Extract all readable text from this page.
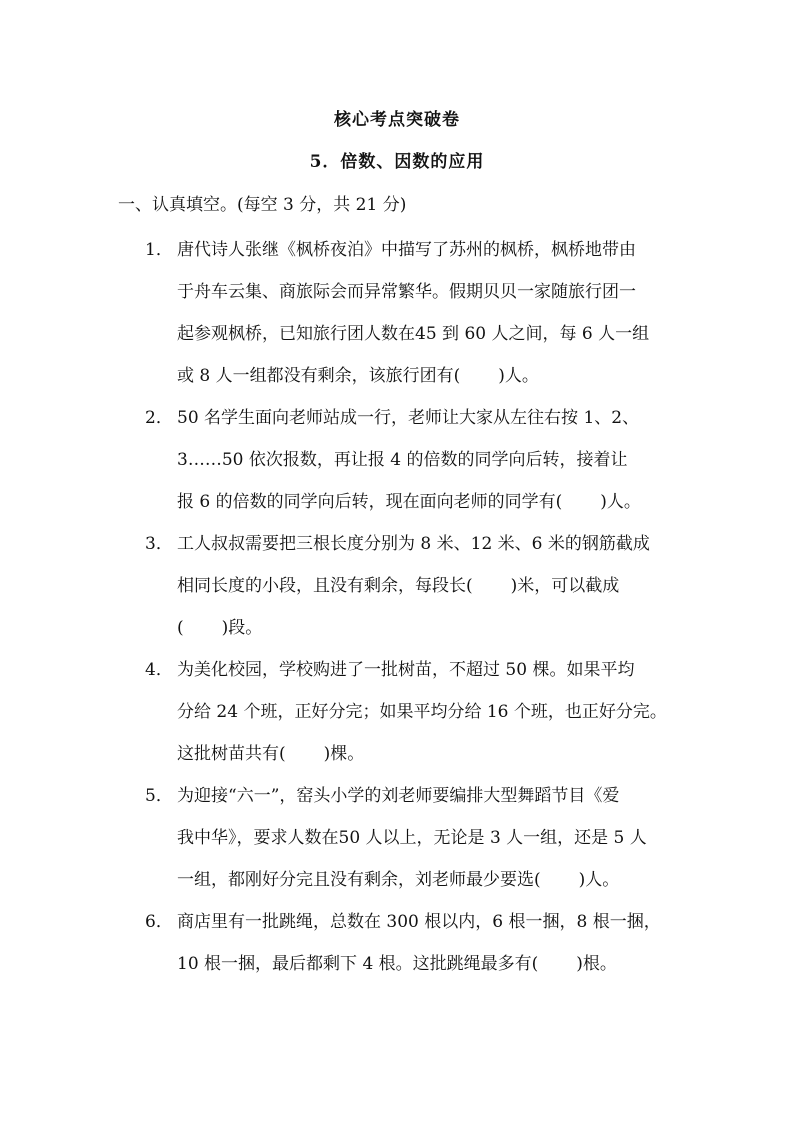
核心考点突破卷
5．倍数、因数的应用
一、认真填空。(每空 3 分，共 21 分)
1． 唐代诗人张继《枫桥夜泊》中描写了苏州的枫桥，枫桥地带由
于舟车云集、商旅际会而异常繁华。假期贝贝一家随旅行团一
起参观枫桥，已知旅行团人数在45 到 60 人之间，每 6 人一组
或 8 人一组都没有剩余，该旅行团有( )人。
2． 50 名学生面向老师站成一行，老师让大家从左往右按 1、2、
3……50 依次报数，再让报 4 的倍数的同学向后转，接着让
报 6 的倍数的同学向后转，现在面向老师的同学有( )人。
3． 工人叔叔需要把三根长度分别为 8 米、12 米、6 米的钢筋截成
相同长度的小段，且没有剩余，每段长( )米，可以截成
( )段。
4． 为美化校园，学校购进了一批树苗，不超过 50 棵。如果平均
分给 24 个班，正好分完；如果平均分给 16 个班，也正好分完。
这批树苗共有( )棵。
5． 为迎接“六一”，窑头小学的刘老师要编排大型舞蹈节目《爱
我中华》，要求人数在50 人以上，无论是 3 人一组，还是 5 人
一组，都刚好分完且没有剩余，刘老师最少要选( )人。
6． 商店里有一批跳绳，总数在 300 根以内，6 根一捆，8 根一捆，
10 根一捆，最后都剩下 4 根。这批跳绳最多有( )根。
